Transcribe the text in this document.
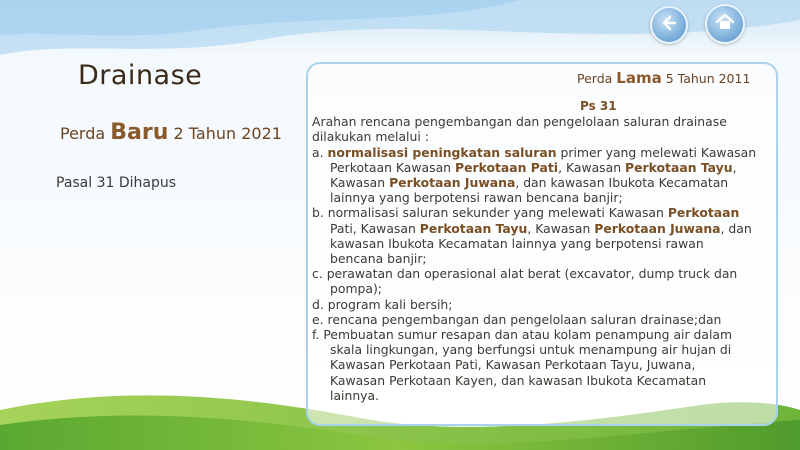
Drainase
Perda Baru 2 Tahun 2021
Pasal 31 Dihapus
Perda Lama 5 Tahun 2011
Ps 31
Arahan rencana pengembangan dan pengelolaan saluran drainase
dilakukan melalui :
a. normalisasi peningkatan saluran primer yang melewati Kawasan
Perkotaan Kawasan Perkotaan Pati, Kawasan Perkotaan Tayu,
Kawasan Perkotaan Juwana, dan kawasan Ibukota Kecamatan
lainnya yang berpotensi rawan bencana banjir;
b. normalisasi saluran sekunder yang melewati Kawasan Perkotaan
Pati, Kawasan Perkotaan Tayu, Kawasan Perkotaan Juwana, dan
kawasan Ibukota Kecamatan lainnya yang berpotensi rawan
bencana banjir;
c. perawatan dan operasional alat berat (excavator, dump truck dan
pompa);
d. program kali bersih;
e. rencana pengembangan dan pengelolaan saluran drainase;dan
f. Pembuatan sumur resapan dan atau kolam penampung air dalam
skala lingkungan, yang berfungsi untuk menampung air hujan di
Kawasan Perkotaan Pati, Kawasan Perkotaan Tayu, Juwana,
Kawasan Perkotaan Kayen, dan kawasan Ibukota Kecamatan
lainnya.
